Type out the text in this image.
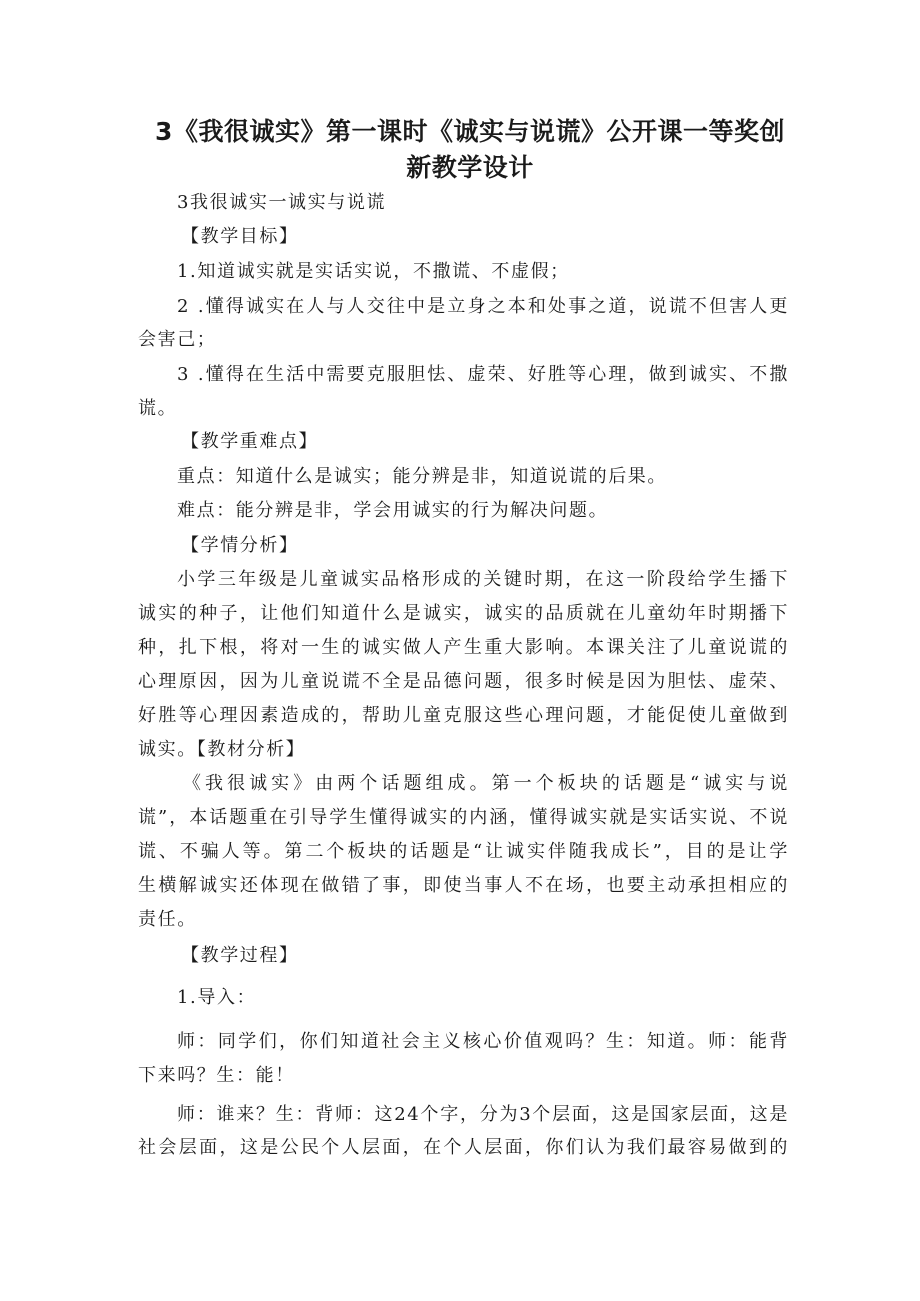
3《我很诚实》第一课时《诚实与说谎》公开课一等奖创
新教学设计
3我很诚实一诚实与说谎
【教学目标】
1.知道诚实就是实话实说，不撒谎、不虚假；
2 .懂得诚实在人与人交往中是立身之本和处事之道，说谎不但害人更
会害己；
3 .懂得在生活中需要克服胆怯、虚荣、好胜等心理，做到诚实、不撒
谎。
【教学重难点】
重点：知道什么是诚实；能分辨是非，知道说谎的后果。
难点：能分辨是非，学会用诚实的行为解决问题。
【学情分析】
小学三年级是儿童诚实品格形成的关键时期，在这一阶段给学生播下
诚实的种子，让他们知道什么是诚实，诚实的品质就在儿童幼年时期播下
种，扎下根，将对一生的诚实做人产生重大影响。本课关注了儿童说谎的
心理原因，因为儿童说谎不全是品德问题，很多时候是因为胆怯、虚荣、
好胜等心理因素造成的，帮助儿童克服这些心理问题，才能促使儿童做到
诚实。【教材分析】
《我很诚实》由两个话题组成。第一个板块的话题是“诚实与说
谎”，本话题重在引导学生懂得诚实的内涵，懂得诚实就是实话实说、不说
谎、不骗人等。第二个板块的话题是“让诚实伴随我成长”，目的是让学
生横解诚实还体现在做错了事，即使当事人不在场，也要主动承担相应的
责任。
【教学过程】
1.导入：
师：同学们，你们知道社会主义核心价值观吗？生：知道。师：能背
下来吗？生：能！
师：谁来？生：背师：这24个字，分为3个层面，这是国家层面，这是
社会层面，这是公民个人层面，在个人层面，你们认为我们最容易做到的
